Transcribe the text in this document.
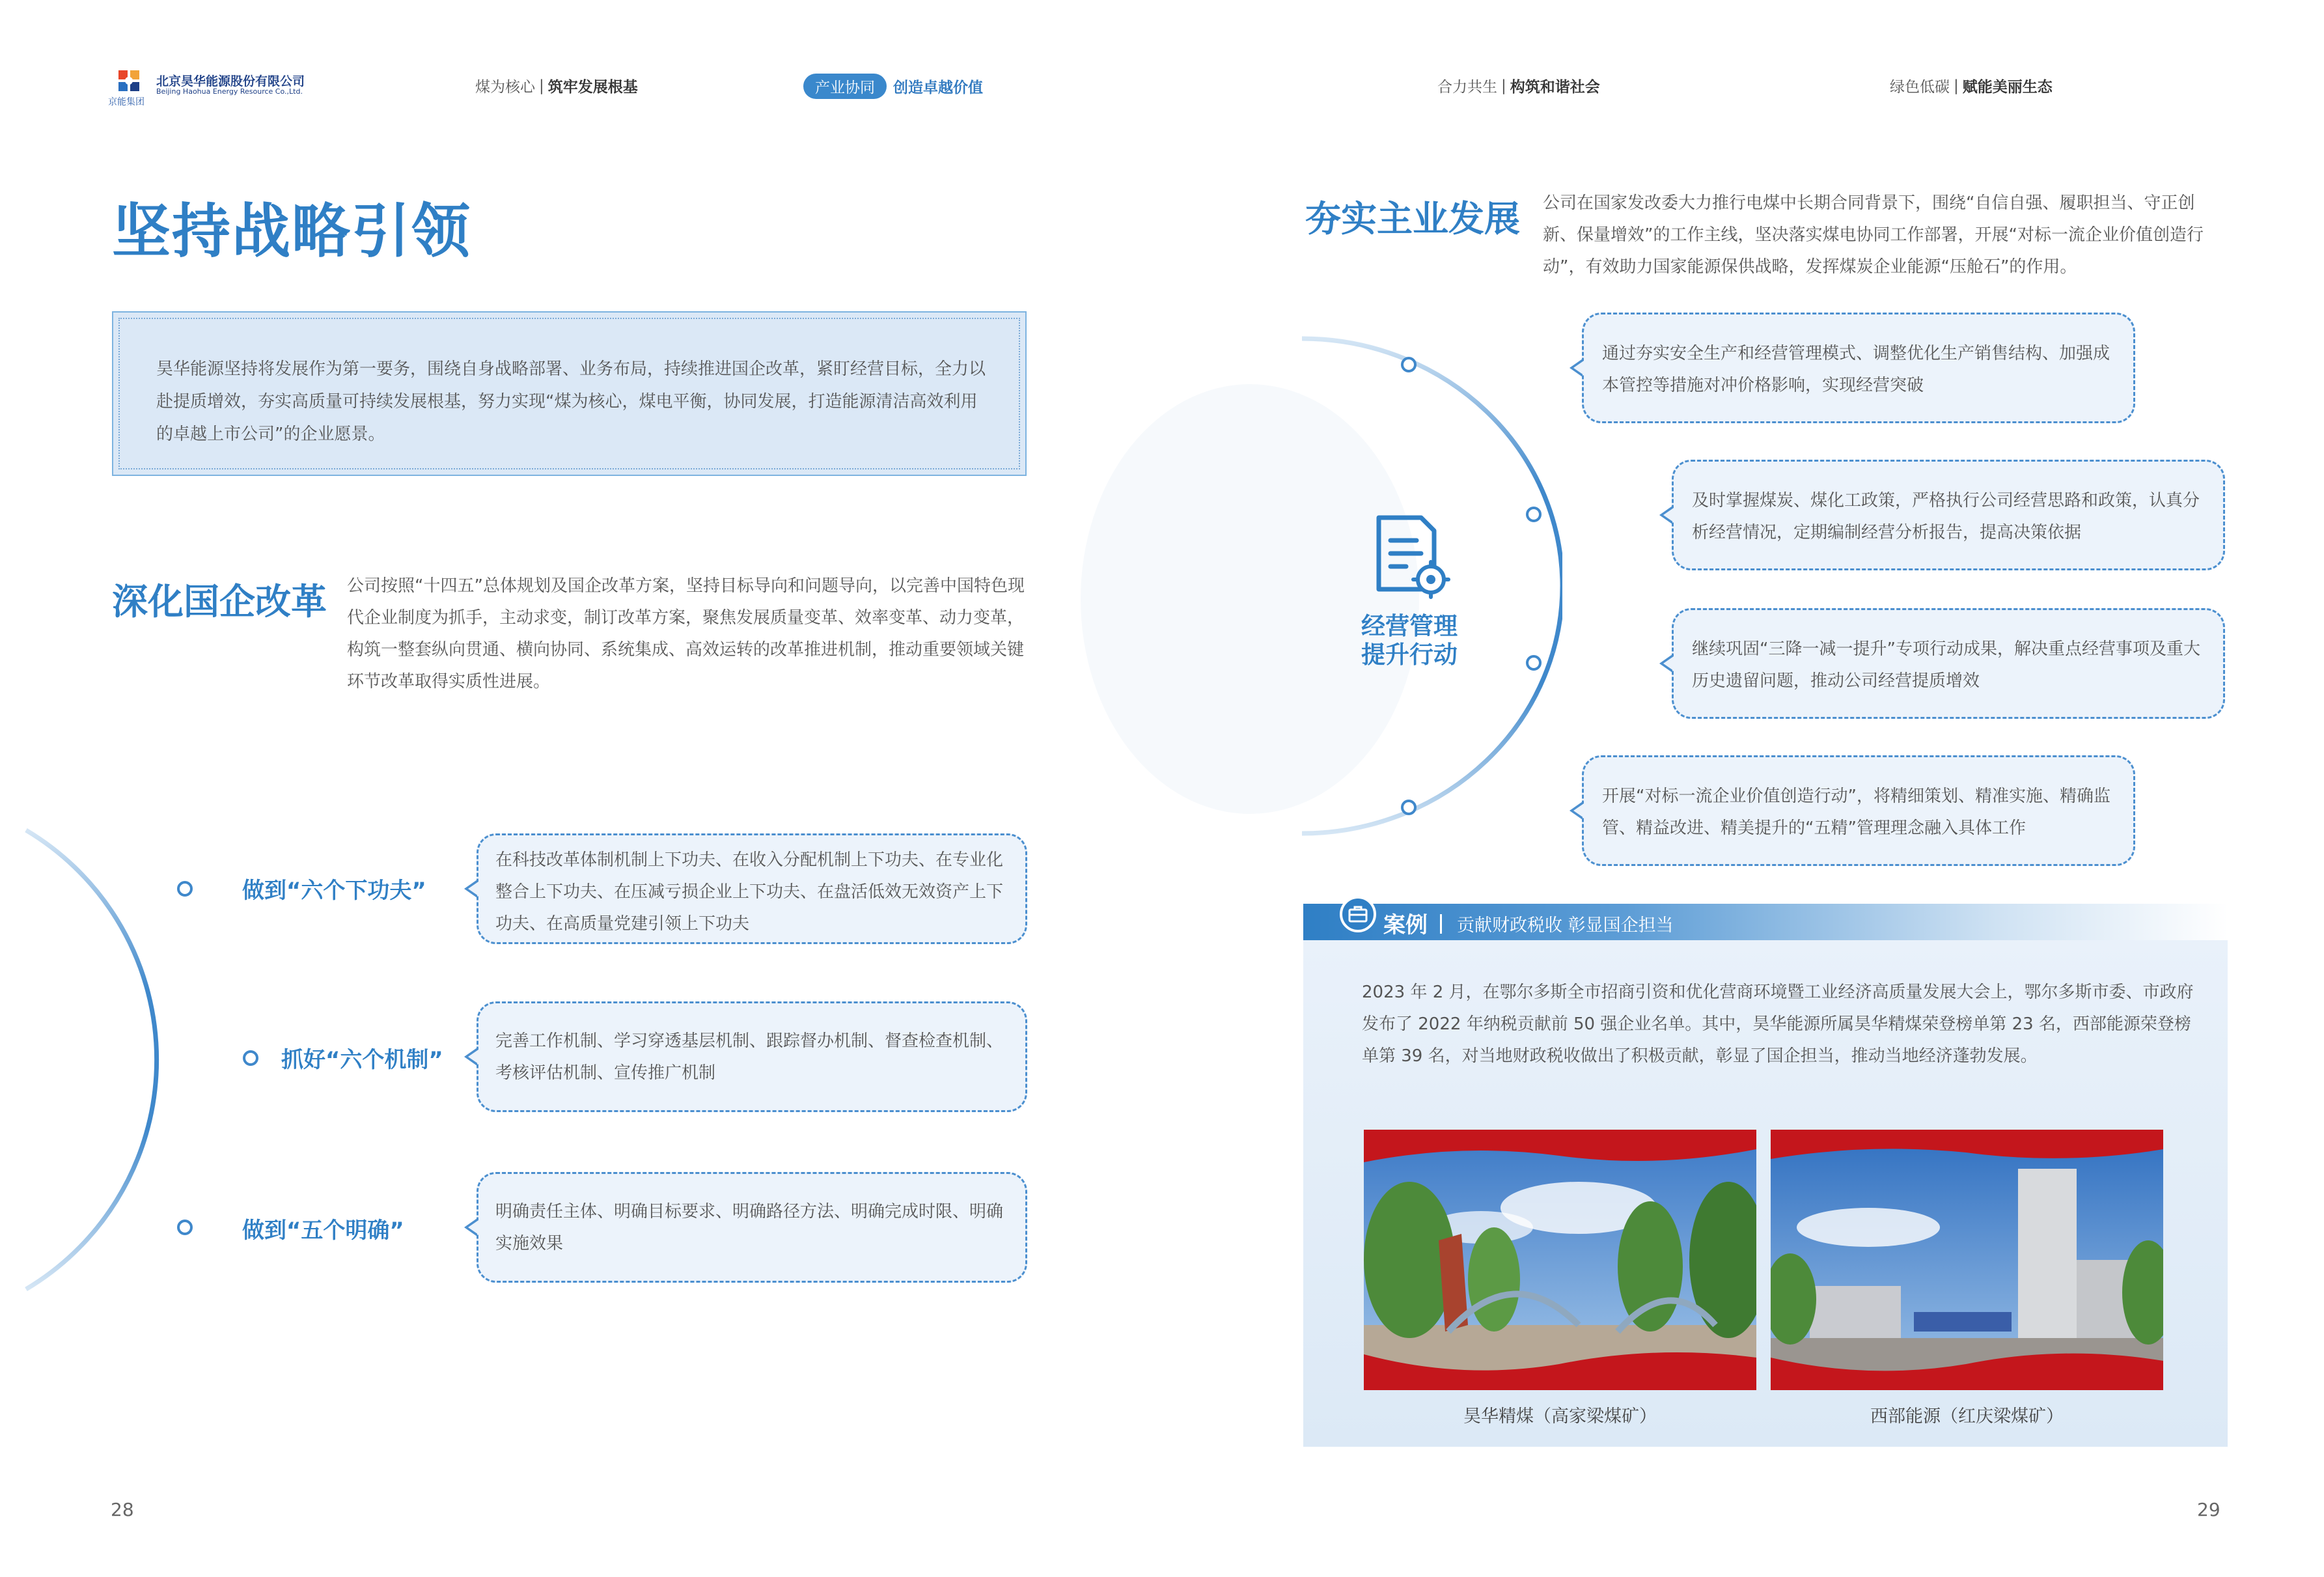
京能集团
北京昊华能源股份有限公司
Beijing Haohua Energy Resource Co.,Ltd.	煤为核心 | 筑牢发展根基	产业协同	创造卓越价值	合力共生 | 构筑和谐社会	绿色低碳 | 赋能美丽生态
坚持战略引领
昊华能源坚持将发展作为第一要务，围绕自身战略部署、业务布局，持续推进国企改革，紧盯经营目标，全力以赴提质增效，夯实高质量可持续发展根基，努力实现“煤为核心，煤电平衡，协同发展，打造能源清洁高效利用的卓越上市公司”的企业愿景。
深化国企改革 公司按照“十四五”总体规划及国企改革方案，坚持目标导向和问题导向，以完善中国特色现代企业制度为抓手，主动求变，制订改革方案，聚焦发展质量变革、效率变革、动力变革，构筑一整套纵向贯通、横向协同、系统集成、高效运转的改革推进机制，推动重要领域关键环节改革取得实质性进展。
做到“六个下功夫”
抓好“六个机制”
做到“五个明确”
在科技改革体制机制上下功夫、在收入分配机制上下功夫、在专业化整合上下功夫、在压减亏损企业上下功夫、在盘活低效无效资产上下功夫、在高质量党建引领上下功夫
完善工作机制、学习穿透基层机制、跟踪督办机制、督查检查机制、考核评估机制、宣传推广机制
明确责任主体、明确目标要求、明确路径方法、明确完成时限、明确实施效果
28
夯实主业发展 公司在国家发改委大力推行电煤中长期合同背景下，围绕“自信自强、履职担当、守正创新、保量增效”的工作主线，坚决落实煤电协同工作部署，开展“对标一流企业价值创造行动”，有效助力国家能源保供战略，发挥煤炭企业能源“压舱石”的作用。
经营管理
提升行动
通过夯实安全生产和经营管理模式、调整优化生产销售结构、加强成本管控等措施对冲价格影响，实现经营突破
及时掌握煤炭、煤化工政策，严格执行公司经营思路和政策，认真分析经营情况，定期编制经营分析报告，提高决策依据
继续巩固“三降一减一提升”专项行动成果，解决重点经营事项及重大历史遗留问题，推动公司经营提质增效
开展“对标一流企业价值创造行动”，将精细策划、精准实施、精确监管、精益改进、精美提升的“五精”管理理念融入具体工作
案例 贡献财政税收 彰显国企担当
2023 年 2 月，在鄂尔多斯全市招商引资和优化营商环境暨工业经济高质量发展大会上，鄂尔多斯市委、市政府发布了 2022 年纳税贡献前 50 强企业名单。其中，昊华能源所属昊华精煤荣登榜单第 23 名，西部能源荣登榜单第 39 名，对当地财政税收做出了积极贡献，彰显了国企担当，推动当地经济蓬勃发展。
昊华精煤（高家梁煤矿）	西部能源（红庆梁煤矿）
29
